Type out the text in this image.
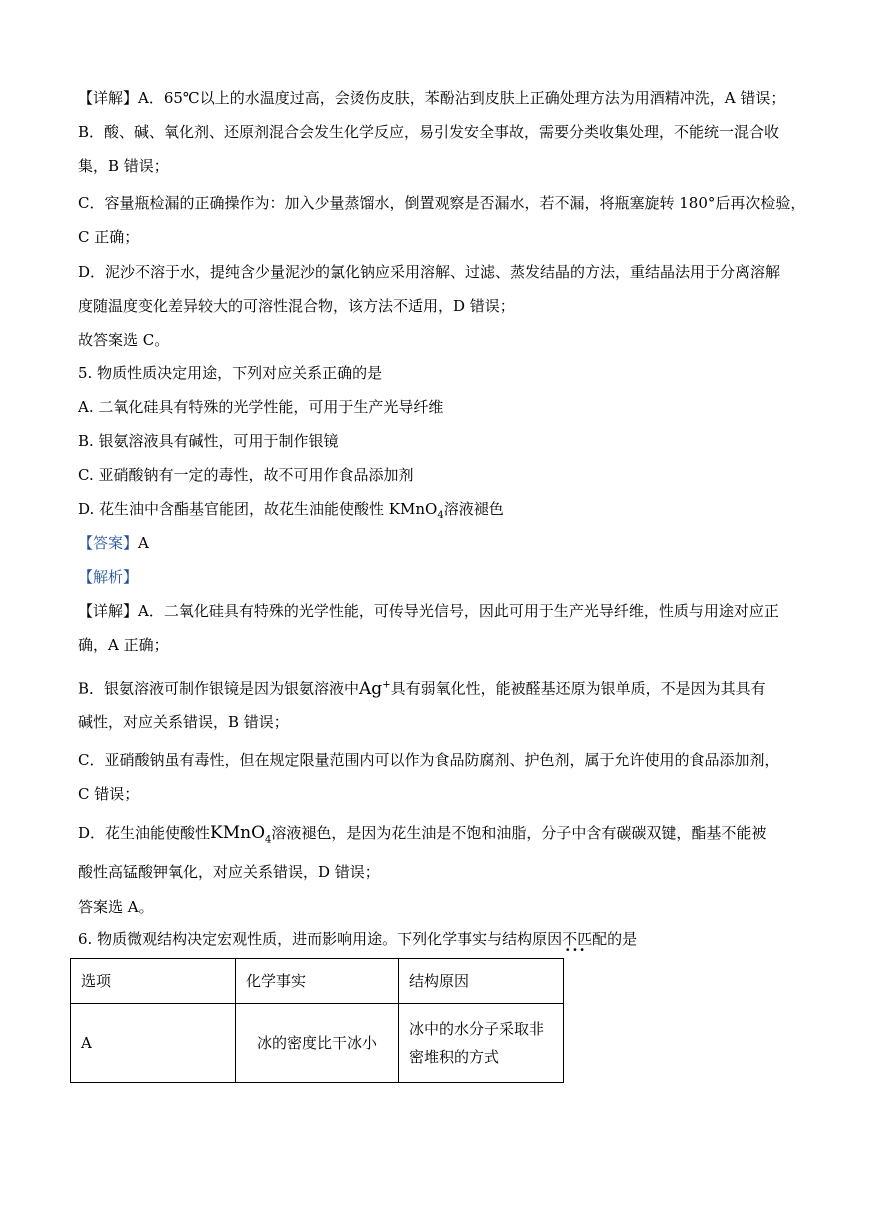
【详解】A．65℃以上的水温度过高，会烫伤皮肤，苯酚沾到皮肤上正确处理方法为用酒精冲洗，A 错误；
B．酸、碱、氧化剂、还原剂混合会发生化学反应，易引发安全事故，需要分类收集处理，不能统一混合收
集，B 错误；
C．容量瓶检漏的正确操作为：加入少量蒸馏水，倒置观察是否漏水，若不漏，将瓶塞旋转 180°后再次检验，
C 正确；
D．泥沙不溶于水，提纯含少量泥沙的氯化钠应采用溶解、过滤、蒸发结晶的方法，重结晶法用于分离溶解
度随温度变化差异较大的可溶性混合物，该方法不适用，D 错误；
故答案选 C。
5. 物质性质决定用途，下列对应关系正确的是
A. 二氧化硅具有特殊的光学性能，可用于生产光导纤维
B. 银氨溶液具有碱性，可用于制作银镜
C. 亚硝酸钠有一定的毒性，故不可用作食品添加剂
D. 花生油中含酯基官能团，故花生油能使酸性 KMnO$_4$溶液褪色
【答案】A
【解析】
【详解】A．二氧化硅具有特殊的光学性能，可传导光信号，因此可用于生产光导纤维，性质与用途对应正
确，A 正确；
B．银氨溶液可制作银镜是因为银氨溶液中Ag+具有弱氧化性，能被醛基还原为银单质，不是因为其具有
碱性，对应关系错误，B 错误；
C．亚硝酸钠虽有毒性，但在规定限量范围内可以作为食品防腐剂、护色剂，属于允许使用的食品添加剂，
C 错误；
D．花生油能使酸性KMnO$_4$溶液褪色，是因为花生油是不饱和油脂，分子中含有碳碳双键，酯基不能被
酸性高锰酸钾氧化，对应关系错误，D 错误；
答案选 A。
6. 物质微观结构决定宏观性质，进而影响用途。下列化学事实与结构原因不匹配 ···的是
选项	化学事实	结构原因
A	冰的密度比干冰小	冰中的水分子采取非
密堆积的方式
